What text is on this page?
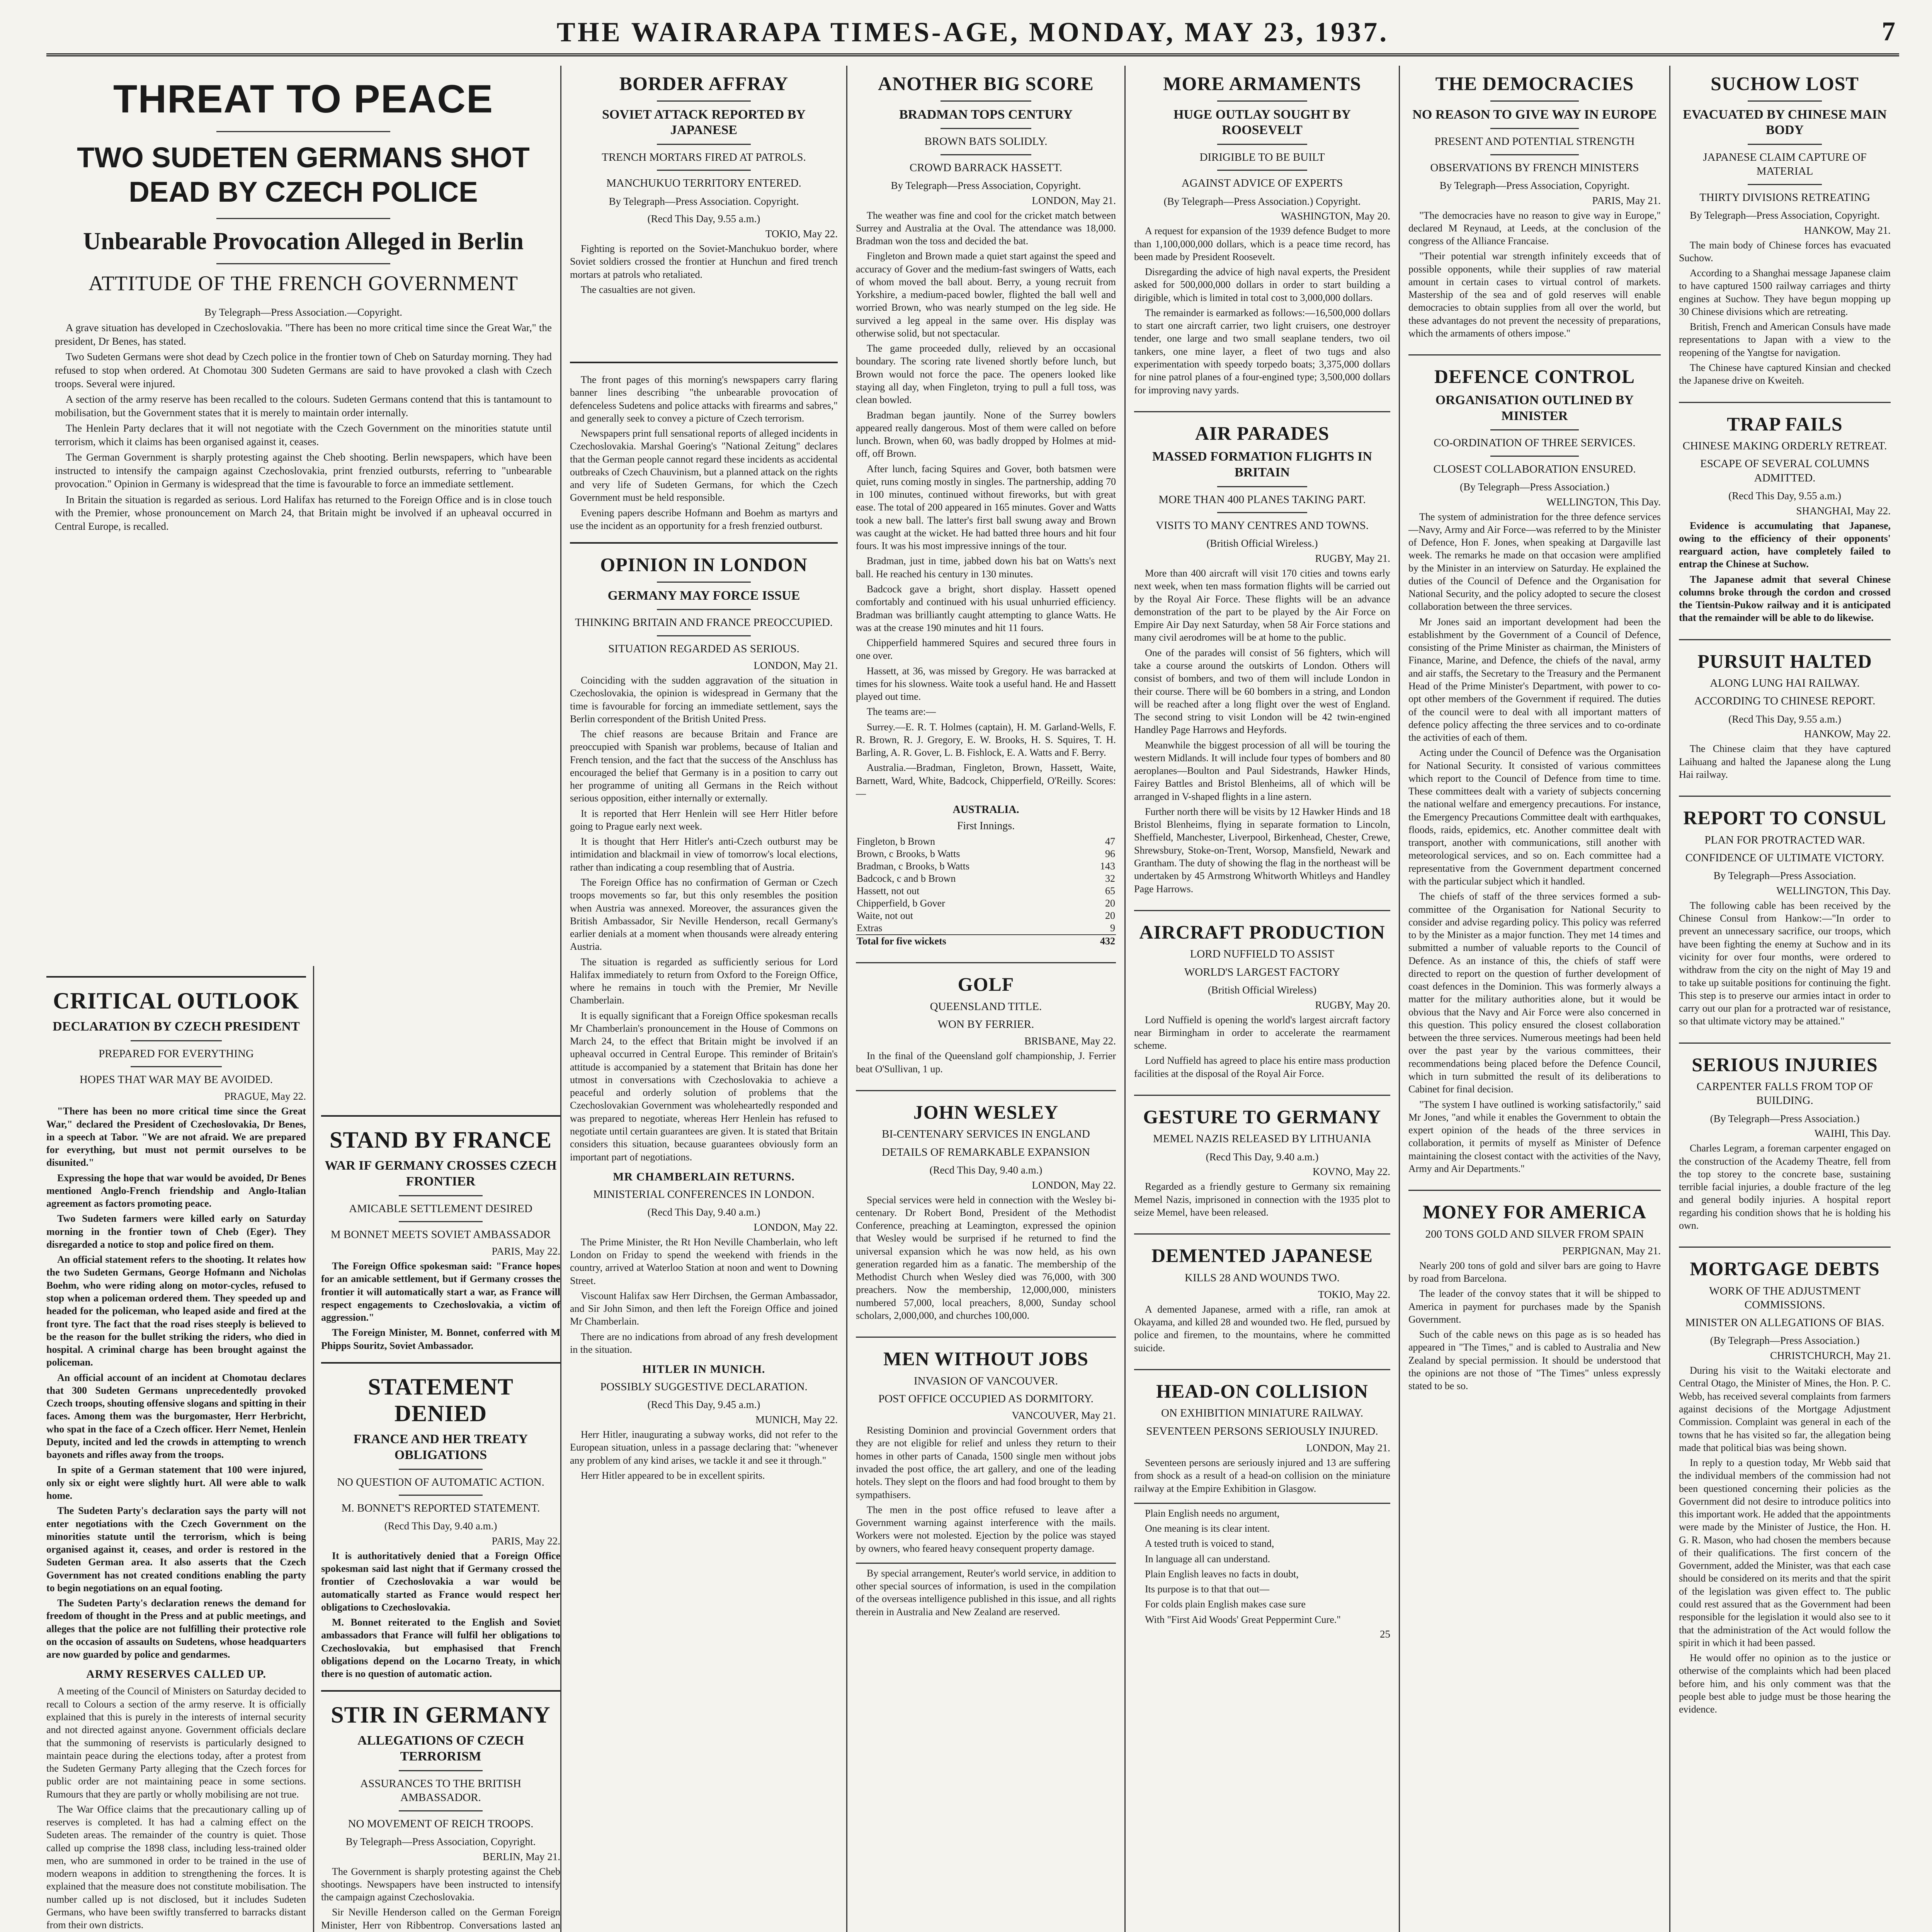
THE WAIRARAPA TIMES-AGE, MONDAY, MAY 23, 1937.	7
THREAT TO PEACE
TWO SUDETEN GERMANS SHOT DEAD BY CZECH POLICE
Unbearable Provocation Alleged in Berlin
ATTITUDE OF THE FRENCH GOVERNMENT
By Telegraph—Press Association.—Copyright.

A grave situation has developed in Czechoslovakia. "There has been no more critical time since the Great War," the president, Dr Benes, has stated.

Two Sudeten Germans were shot dead by Czech police in the frontier town of Cheb on Saturday morning. They had refused to stop when ordered. At Chomotau 300 Sudeten Germans are said to have provoked a clash with Czech troops. Several were injured.

A section of the army reserve has been recalled to the colours. Sudeten Germans contend that this is tantamount to mobilisation, but the Government states that it is merely to maintain order internally.

The Henlein Party declares that it will not negotiate with the Czech Government on the minorities statute until terrorism, which it claims has been organised against it, ceases.

The German Government is sharply protesting against the Cheb shooting. Berlin newspapers, which have been instructed to intensify the campaign against Czechoslovakia, print frenzied outbursts, referring to "unbearable provocation." Opinion in Germany is widespread that the time is favourable to force an immediate settlement.

In Britain the situation is regarded as serious. Lord Halifax has returned to the Foreign Office and is in close touch with the Premier, whose pronouncement on March 24, that Britain might be involved if an upheaval occurred in Central Europe, is recalled.

CRITICAL OUTLOOK
DECLARATION BY CZECH PRESIDENT
PREPARED FOR EVERYTHING
HOPES THAT WAR MAY BE AVOIDED.
PRAGUE, May 22.

"There has been no more critical time since the Great War," declared the President of Czechoslovakia, Dr Benes, in a speech at Tabor. "We are not afraid. We are prepared for everything, but must not permit ourselves to be disunited."

Expressing the hope that war would be avoided, Dr Benes mentioned Anglo-French friendship and Anglo-Italian agreement as factors promoting peace.

Two Sudeten farmers were killed early on Saturday morning in the frontier town of Cheb (Eger). They disregarded a notice to stop and police fired on them.

An official statement refers to the shooting. It relates how the two Sudeten Germans, George Hofmann and Nicholas Boehm, who were riding along on motor-cycles, refused to stop when a policeman ordered them. They speeded up and headed for the policeman, who leaped aside and fired at the front tyre. The fact that the road rises steeply is believed to be the reason for the bullet striking the riders, who died in hospital. A criminal charge has been brought against the policeman.

An official account of an incident at Chomotau declares that 300 Sudeten Germans unprecedentedly provoked Czech troops, shouting offensive slogans and spitting in their faces. Among them was the burgomaster, Herr Herbricht, who spat in the face of a Czech officer. Herr Nemet, Henlein Deputy, incited and led the crowds in attempting to wrench bayonets and rifles away from the troops.

In spite of a German statement that 100 were injured, only six or eight were slightly hurt. All were able to walk home.

The Sudeten Party's declaration says the party will not enter negotiations with the Czech Government on the minorities statute until the terrorism, which is being organised against it, ceases, and order is restored in the Sudeten German area. It also asserts that the Czech Government has not created conditions enabling the party to begin negotiations on an equal footing.

The Sudeten Party's declaration renews the demand for freedom of thought in the Press and at public meetings, and alleges that the police are not fulfilling their protective role on the occasion of assaults on Sudetens, whose headquarters are now guarded by police and gendarmes.

ARMY RESERVES CALLED UP.

A meeting of the Council of Ministers on Saturday decided to recall to Colours a section of the army reserve. It is officially explained that this is purely in the interests of internal security and not directed against anyone. Government officials declare that the summoning of reservists is particularly designed to maintain peace during the elections today, after a protest from the Sudeten Germany Party alleging that the Czech forces for public order are not maintaining peace in some sections. Rumours that they are partly or wholly mobilising are not true.

The War Office claims that the precautionary calling up of reserves is completed. It has had a calming effect on the Sudeten areas. The remainder of the country is quiet. Those called up comprise the 1898 class, including less-trained older men, who are summoned in order to be trained in the use of modern weapons in addition to strengthening the forces. It is explained that the measure does not constitute mobilisation. The number called up is not disclosed, but it includes Sudeten Germans, who have been swiftly transferred to barracks distant from their own districts.

STAND BY FRANCE
WAR IF GERMANY CROSSES CZECH FRONTIER
AMICABLE SETTLEMENT DESIRED
M BONNET MEETS SOVIET AMBASSADOR
PARIS, May 22.

The Foreign Office spokesman said: "France hopes for an amicable settlement, but if Germany crosses the frontier it will automatically start a war, as France will respect engagements to Czechoslovakia, a victim of aggression."

The Foreign Minister, M. Bonnet, conferred with M Phipps Souritz, Soviet Ambassador.

STATEMENT DENIED
FRANCE AND HER TREATY OBLIGATIONS
NO QUESTION OF AUTOMATIC ACTION.
M. BONNET'S REPORTED STATEMENT.
(Recd This Day, 9.40 a.m.)
PARIS, May 22.

It is authoritatively denied that a Foreign Office spokesman said last night that if Germany crossed the frontier of Czechoslovakia a war would be automatically started as France would respect her obligations to Czechoslovakia.

M. Bonnet reiterated to the English and Soviet ambassadors that France will fulfil her obligations to Czechoslovakia, but emphasised that French obligations depend on the Locarno Treaty, in which there is no question of automatic action.

STIR IN GERMANY
ALLEGATIONS OF CZECH TERRORISM
ASSURANCES TO THE BRITISH AMBASSADOR.
NO MOVEMENT OF REICH TROOPS.
By Telegraph—Press Association, Copyright.
BERLIN, May 21.

The Government is sharply protesting against the Cheb shootings. Newspapers have been instructed to intensify the campaign against Czechoslovakia.

Sir Neville Henderson called on the German Foreign Minister, Herr von Ribbentrop. Conversations lasted an

BORDER AFFRAY
SOVIET ATTACK REPORTED BY JAPANESE
TRENCH MORTARS FIRED AT PATROLS.
MANCHUKUO TERRITORY ENTERED.
By Telegraph—Press Association. Copyright.
(Recd This Day, 9.55 a.m.)
TOKIO, May 22.

Fighting is reported on the Soviet-Manchukuo border, where Soviet soldiers crossed the frontier at Hunchun and fired trench mortars at patrols who retaliated.

The casualties are not given.

The front pages of this morning's newspapers carry flaring banner lines describing "the unbearable provocation of defenceless Sudetens and police attacks with firearms and sabres," and generally seek to convey a picture of Czech terrorism.

Newspapers print full sensational reports of alleged incidents in Czechoslovakia. Marshal Goering's "National Zeitung" declares that the German people cannot regard these incidents as accidental outbreaks of Czech Chauvinism, but a planned attack on the rights and very life of Sudeten Germans, for which the Czech Government must be held responsible.

Evening papers describe Hofmann and Boehm as martyrs and use the incident as an opportunity for a fresh frenzied outburst.

OPINION IN LONDON
GERMANY MAY FORCE ISSUE
THINKING BRITAIN AND FRANCE PREOCCUPIED.
SITUATION REGARDED AS SERIOUS.
LONDON, May 21.

Coinciding with the sudden aggravation of the situation in Czechoslovakia, the opinion is widespread in Germany that the time is favourable for forcing an immediate settlement, says the Berlin correspondent of the British United Press.

The chief reasons are because Britain and France are preoccupied with Spanish war problems, because of Italian and French tension, and the fact that the success of the Anschluss has encouraged the belief that Germany is in a position to carry out her programme of uniting all Germans in the Reich without serious opposition, either internally or externally.

It is reported that Herr Henlein will see Herr Hitler before going to Prague early next week.

It is thought that Herr Hitler's anti-Czech outburst may be intimidation and blackmail in view of tomorrow's local elections, rather than indicating a coup resembling that of Austria.

The Foreign Office has no confirmation of German or Czech troops movements so far, but this only resembles the position when Austria was annexed. Moreover, the assurances given the British Ambassador, Sir Neville Henderson, recall Germany's earlier denials at a moment when thousands were already entering Austria.

The situation is regarded as sufficiently serious for Lord Halifax immediately to return from Oxford to the Foreign Office, where he remains in touch with the Premier, Mr Neville Chamberlain.

It is equally significant that a Foreign Office spokesman recalls Mr Chamberlain's pronouncement in the House of Commons on March 24, to the effect that Britain might be involved if an upheaval occurred in Central Europe. This reminder of Britain's attitude is accompanied by a statement that Britain has done her utmost in conversations with Czechoslovakia to achieve a peaceful and orderly solution of problems that the Czechoslovakian Government was wholeheartedly responded and was prepared to negotiate, whereas Herr Henlein has refused to negotiate until certain guarantees are given. It is stated that Britain considers this situation, because guarantees obviously form an important part of negotiations.

MR CHAMBERLAIN RETURNS.
MINISTERIAL CONFERENCES IN LONDON.
(Recd This Day, 9.40 a.m.)
LONDON, May 22.

The Prime Minister, the Rt Hon Neville Chamberlain, who left London on Friday to spend the weekend with friends in the country, arrived at Waterloo Station at noon and went to Downing Street.

Viscount Halifax saw Herr Dirchsen, the German Ambassador, and Sir John Simon, and then left the Foreign Office and joined Mr Chamberlain.

There are no indications from abroad of any fresh development in the situation.

HITLER IN MUNICH.
POSSIBLY SUGGESTIVE DECLARATION.
(Recd This Day, 9.45 a.m.)
MUNICH, May 22.

Herr Hitler, inaugurating a subway works, did not refer to the European situation, unless in a passage declaring that: "whenever any problem of any kind arises, we tackle it and see it through."

Herr Hitler appeared to be in excellent spirits.

ANOTHER BIG SCORE
BRADMAN TOPS CENTURY
BROWN BATS SOLIDLY.
CROWD BARRACK HASSETT.
By Telegraph—Press Association, Copyright.
LONDON, May 21.

The weather was fine and cool for the cricket match between Surrey and Australia at the Oval. The attendance was 18,000. Bradman won the toss and decided the bat.

Fingleton and Brown made a quiet start against the speed and accuracy of Gover and the medium-fast swingers of Watts, each of whom moved the ball about. Berry, a young recruit from Yorkshire, a medium-paced bowler, flighted the ball well and worried Brown, who was nearly stumped on the leg side. He survived a leg appeal in the same over. His display was otherwise solid, but not spectacular.

The game proceeded dully, relieved by an occasional boundary. The scoring rate livened shortly before lunch, but Brown would not force the pace. The openers looked like staying all day, when Fingleton, trying to pull a full toss, was clean bowled.

Bradman began jauntily. None of the Surrey bowlers appeared really dangerous. Most of them were called on before lunch. Brown, when 60, was badly dropped by Holmes at mid-off, off Brown.

After lunch, facing Squires and Gover, both batsmen were quiet, runs coming mostly in singles. The partnership, adding 70 in 100 minutes, continued without fireworks, but with great ease. The total of 200 appeared in 165 minutes. Gover and Watts took a new ball. The latter's first ball swung away and Brown was caught at the wicket. He had batted three hours and hit four fours. It was his most impressive innings of the tour.

Bradman, just in time, jabbed down his bat on Watts's next ball. He reached his century in 130 minutes.

Badcock gave a bright, short display. Hassett opened comfortably and continued with his usual unhurried efficiency. Bradman was brilliantly caught attempting to glance Watts. He was at the crease 190 minutes and hit 11 fours.

Chipperfield hammered Squires and secured three fours in one over.

Hassett, at 36, was missed by Gregory. He was barracked at times for his slowness. Waite took a useful hand. He and Hassett played out time.

The teams are:—

Surrey.—E. R. T. Holmes (captain), H. M. Garland-Wells, F. R. Brown, R. J. Gregory, E. W. Brooks, H. S. Squires, T. H. Barling, A. R. Gover, L. B. Fishlock, E. A. Watts and F. Berry.

Australia.—Bradman, Fingleton, Brown, Hassett, Waite, Barnett, Ward, White, Badcock, Chipperfield, O'Reilly. Scores:—

AUSTRALIA.
First Innings.
Fingleton, b Brown	47
Brown, c Brooks, b Watts	96
Bradman, c Brooks, b Watts	143
Badcock, c and b Brown	32
Hassett, not out	65
Chipperfield, b Gover	20
Waite, not out	20
Extras	9
Total for five wickets	432
GOLF
QUEENSLAND TITLE.
WON BY FERRIER.
BRISBANE, May 22.

In the final of the Queensland golf championship, J. Ferrier beat O'Sullivan, 1 up.

JOHN WESLEY
BI-CENTENARY SERVICES IN ENGLAND
DETAILS OF REMARKABLE EXPANSION
(Recd This Day, 9.40 a.m.)
LONDON, May 22.

Special services were held in connection with the Wesley bi-centenary. Dr Robert Bond, President of the Methodist Conference, preaching at Leamington, expressed the opinion that Wesley would be surprised if he returned to find the universal expansion which he was now held, as his own generation regarded him as a fanatic. The membership of the Methodist Church when Wesley died was 76,000, with 300 preachers. Now the membership, 12,000,000, ministers numbered 57,000, local preachers, 8,000, Sunday school scholars, 2,000,000, and churches 100,000.

MEN WITHOUT JOBS
INVASION OF VANCOUVER.
POST OFFICE OCCUPIED AS DORMITORY.
VANCOUVER, May 21.

Resisting Dominion and provincial Government orders that they are not eligible for relief and unless they return to their homes in other parts of Canada, 1500 single men without jobs invaded the post office, the art gallery, and one of the leading hotels. They slept on the floors and had food brought to them by sympathisers.

The men in the post office refused to leave after a Government warning against interference with the mails. Workers were not molested. Ejection by the police was stayed by owners, who feared heavy consequent property damage.

By special arrangement, Reuter's world service, in addition to other special sources of information, is used in the compilation of the overseas intelligence published in this issue, and all rights therein in Australia and New Zealand are reserved.

MORE ARMAMENTS
HUGE OUTLAY SOUGHT BY ROOSEVELT
DIRIGIBLE TO BE BUILT
AGAINST ADVICE OF EXPERTS
(By Telegraph—Press Association.) Copyright.
WASHINGTON, May 20.

A request for expansion of the 1939 defence Budget to more than 1,100,000,000 dollars, which is a peace time record, has been made by President Roosevelt.

Disregarding the advice of high naval experts, the President asked for 500,000,000 dollars in order to start building a dirigible, which is limited in total cost to 3,000,000 dollars.

The remainder is earmarked as follows:—16,500,000 dollars to start one aircraft carrier, two light cruisers, one destroyer tender, one large and two small seaplane tenders, two oil tankers, one mine layer, a fleet of two tugs and also experimentation with speedy torpedo boats; 3,375,000 dollars for nine patrol planes of a four-engined type; 3,500,000 dollars for improving navy yards.

AIR PARADES
MASSED FORMATION FLIGHTS IN BRITAIN
MORE THAN 400 PLANES TAKING PART.
VISITS TO MANY CENTRES AND TOWNS.
(British Official Wireless.)
RUGBY, May 21.

More than 400 aircraft will visit 170 cities and towns early next week, when ten mass formation flights will be carried out by the Royal Air Force. These flights will be an advance demonstration of the part to be played by the Air Force on Empire Air Day next Saturday, when 58 Air Force stations and many civil aerodromes will be at home to the public.

One of the parades will consist of 56 fighters, which will take a course around the outskirts of London. Others will consist of bombers, and two of them will include London in their course. There will be 60 bombers in a string, and London will be reached after a long flight over the west of England. The second string to visit London will be 42 twin-engined Handley Page Harrows and Heyfords.

Meanwhile the biggest procession of all will be touring the western Midlands. It will include four types of bombers and 80 aeroplanes—Boulton and Paul Sidestrands, Hawker Hinds, Fairey Battles and Bristol Blenheims, all of which will be arranged in V-shaped flights in a line astern.

Further north there will be visits by 12 Hawker Hinds and 18 Bristol Blenheims, flying in separate formation to Lincoln, Sheffield, Manchester, Liverpool, Birkenhead, Chester, Crewe, Shrewsbury, Stoke-on-Trent, Worsop, Mansfield, Newark and Grantham. The duty of showing the flag in the northeast will be undertaken by 45 Armstrong Whitworth Whitleys and Handley Page Harrows.

AIRCRAFT PRODUCTION
LORD NUFFIELD TO ASSIST
WORLD'S LARGEST FACTORY
(British Official Wireless)
RUGBY, May 20.

Lord Nuffield is opening the world's largest aircraft factory near Birmingham in order to accelerate the rearmament scheme.

Lord Nuffield has agreed to place his entire mass production facilities at the disposal of the Royal Air Force.

GESTURE TO GERMANY
MEMEL NAZIS RELEASED BY LITHUANIA
(Recd This Day, 9.40 a.m.)
KOVNO, May 22.

Regarded as a friendly gesture to Germany six remaining Memel Nazis, imprisoned in connection with the 1935 plot to seize Memel, have been released.

DEMENTED JAPANESE
KILLS 28 AND WOUNDS TWO.
TOKIO, May 22.

A demented Japanese, armed with a rifle, ran amok at Okayama, and killed 28 and wounded two. He fled, pursued by police and firemen, to the mountains, where he committed suicide.

HEAD-ON COLLISION
ON EXHIBITION MINIATURE RAILWAY.
SEVENTEEN PERSONS SERIOUSLY INJURED.
LONDON, May 21.

Seventeen persons are seriously injured and 13 are suffering from shock as a result of a head-on collision on the miniature railway at the Empire Exhibition in Glasgow.

Plain English needs no argument,

One meaning is its clear intent.

A tested truth is voiced to stand,

In language all can understand.

Plain English leaves no facts in doubt,

Its purpose is to that that out—

For colds plain English makes case sure

With "First Aid Woods' Great Peppermint Cure."

25
THE DEMOCRACIES
NO REASON TO GIVE WAY IN EUROPE
PRESENT AND POTENTIAL STRENGTH
OBSERVATIONS BY FRENCH MINISTERS
By Telegraph—Press Association, Copyright.
PARIS, May 21.

"The democracies have no reason to give way in Europe," declared M Reynaud, at Leeds, at the conclusion of the congress of the Alliance Francaise.

"Their potential war strength infinitely exceeds that of possible opponents, while their supplies of raw material amount in certain cases to virtual control of markets. Mastership of the sea and of gold reserves will enable democracies to obtain supplies from all over the world, but these advantages do not prevent the necessity of preparations, which the armaments of others impose."

DEFENCE CONTROL
ORGANISATION OUTLINED BY MINISTER
CO-ORDINATION OF THREE SERVICES.
CLOSEST COLLABORATION ENSURED.
(By Telegraph—Press Association.)
WELLINGTON, This Day.

The system of administration for the three defence services—Navy, Army and Air Force—was referred to by the Minister of Defence, Hon F. Jones, when speaking at Dargaville last week. The remarks he made on that occasion were amplified by the Minister in an interview on Saturday. He explained the duties of the Council of Defence and the Organisation for National Security, and the policy adopted to secure the closest collaboration between the three services.

Mr Jones said an important development had been the establishment by the Government of a Council of Defence, consisting of the Prime Minister as chairman, the Ministers of Finance, Marine, and Defence, the chiefs of the naval, army and air staffs, the Secretary to the Treasury and the Permanent Head of the Prime Minister's Department, with power to co-opt other members of the Government if required. The duties of the council were to deal with all important matters of defence policy affecting the three services and to co-ordinate the activities of each of them.

Acting under the Council of Defence was the Organisation for National Security. It consisted of various committees which report to the Council of Defence from time to time. These committees dealt with a variety of subjects concerning the national welfare and emergency precautions. For instance, the Emergency Precautions Committee dealt with earthquakes, floods, raids, epidemics, etc. Another committee dealt with transport, another with communications, still another with meteorological services, and so on. Each committee had a representative from the Government department concerned with the particular subject which it handled.

The chiefs of staff of the three services formed a sub-committee of the Organisation for National Security to consider and advise regarding policy. This policy was referred to by the Minister as a major function. They met 14 times and submitted a number of valuable reports to the Council of Defence. As an instance of this, the chiefs of staff were directed to report on the question of further development of coast defences in the Dominion. This was formerly always a matter for the military authorities alone, but it would be obvious that the Navy and Air Force were also concerned in this question. This policy ensured the closest collaboration between the three services. Numerous meetings had been held over the past year by the various committees, their recommendations being placed before the Defence Council, which in turn submitted the result of its deliberations to Cabinet for final decision.

"The system I have outlined is working satisfactorily," said Mr Jones, "and while it enables the Government to obtain the expert opinion of the heads of the three services in collaboration, it permits of myself as Minister of Defence maintaining the closest contact with the activities of the Navy, Army and Air Departments."

MONEY FOR AMERICA
200 TONS GOLD AND SILVER FROM SPAIN
PERPIGNAN, May 21.

Nearly 200 tons of gold and silver bars are going to Havre by road from Barcelona.

The leader of the convoy states that it will be shipped to America in payment for purchases made by the Spanish Government.

Such of the cable news on this page as is so headed has appeared in "The Times," and is cabled to Australia and New Zealand by special permission. It should be understood that the opinions are not those of "The Times" unless expressly stated to be so.

SUCHOW LOST
EVACUATED BY CHINESE MAIN BODY
JAPANESE CLAIM CAPTURE OF MATERIAL
THIRTY DIVISIONS RETREATING
By Telegraph—Press Association, Copyright.
HANKOW, May 21.

The main body of Chinese forces has evacuated Suchow.

According to a Shanghai message Japanese claim to have captured 1500 railway carriages and thirty engines at Suchow. They have begun mopping up 30 Chinese divisions which are retreating.

British, French and American Consuls have made representations to Japan with a view to the reopening of the Yangtse for navigation.

The Chinese have captured Kinsian and checked the Japanese drive on Kweiteh.

TRAP FAILS
CHINESE MAKING ORDERLY RETREAT.
ESCAPE OF SEVERAL COLUMNS ADMITTED.
(Recd This Day, 9.55 a.m.)
SHANGHAI, May 22.

Evidence is accumulating that Japanese, owing to the efficiency of their opponents' rearguard action, have completely failed to entrap the Chinese at Suchow.

The Japanese admit that several Chinese columns broke through the cordon and crossed the Tientsin-Pukow railway and it is anticipated that the remainder will be able to do likewise.

PURSUIT HALTED
ALONG LUNG HAI RAILWAY.
ACCORDING TO CHINESE REPORT.
(Recd This Day, 9.55 a.m.)
HANKOW, May 22.

The Chinese claim that they have captured Laihuang and halted the Japanese along the Lung Hai railway.

REPORT TO CONSUL
PLAN FOR PROTRACTED WAR.
CONFIDENCE OF ULTIMATE VICTORY.
By Telegraph—Press Association.
WELLINGTON, This Day.

The following cable has been received by the Chinese Consul from Hankow:—"In order to prevent an unnecessary sacrifice, our troops, which have been fighting the enemy at Suchow and in its vicinity for over four months, were ordered to withdraw from the city on the night of May 19 and to take up suitable positions for continuing the fight. This step is to preserve our armies intact in order to carry out our plan for a protracted war of resistance, so that ultimate victory may be attained."

SERIOUS INJURIES
CARPENTER FALLS FROM TOP OF BUILDING.
(By Telegraph—Press Association.)
WAIHI, This Day.

Charles Legram, a foreman carpenter engaged on the construction of the Academy Theatre, fell from the top storey to the concrete base, sustaining terrible facial injuries, a double fracture of the leg and general bodily injuries. A hospital report regarding his condition shows that he is holding his own.

MORTGAGE DEBTS
WORK OF THE ADJUSTMENT COMMISSIONS.
MINISTER ON ALLEGATIONS OF BIAS.
(By Telegraph—Press Association.)
CHRISTCHURCH, May 21.

During his visit to the Waitaki electorate and Central Otago, the Minister of Mines, the Hon. P. C. Webb, has received several complaints from farmers against decisions of the Mortgage Adjustment Commission. Complaint was general in each of the towns that he has visited so far, the allegation being made that political bias was being shown.

In reply to a question today, Mr Webb said that the individual members of the commission had not been questioned concerning their policies as the Government did not desire to introduce politics into this important work. He added that the appointments were made by the Minister of Justice, the Hon. H. G. R. Mason, who had chosen the members because of their qualifications. The first concern of the Government, added the Minister, was that each case should be considered on its merits and that the spirit of the legislation was given effect to. The public could rest assured that as the Government had been responsible for the legislation it would also see to it that the administration of the Act would follow the spirit in which it had been passed.

He would offer no opinion as to the justice or otherwise of the complaints which had been placed before him, and his only comment was that the people best able to judge must be those hearing the evidence.
